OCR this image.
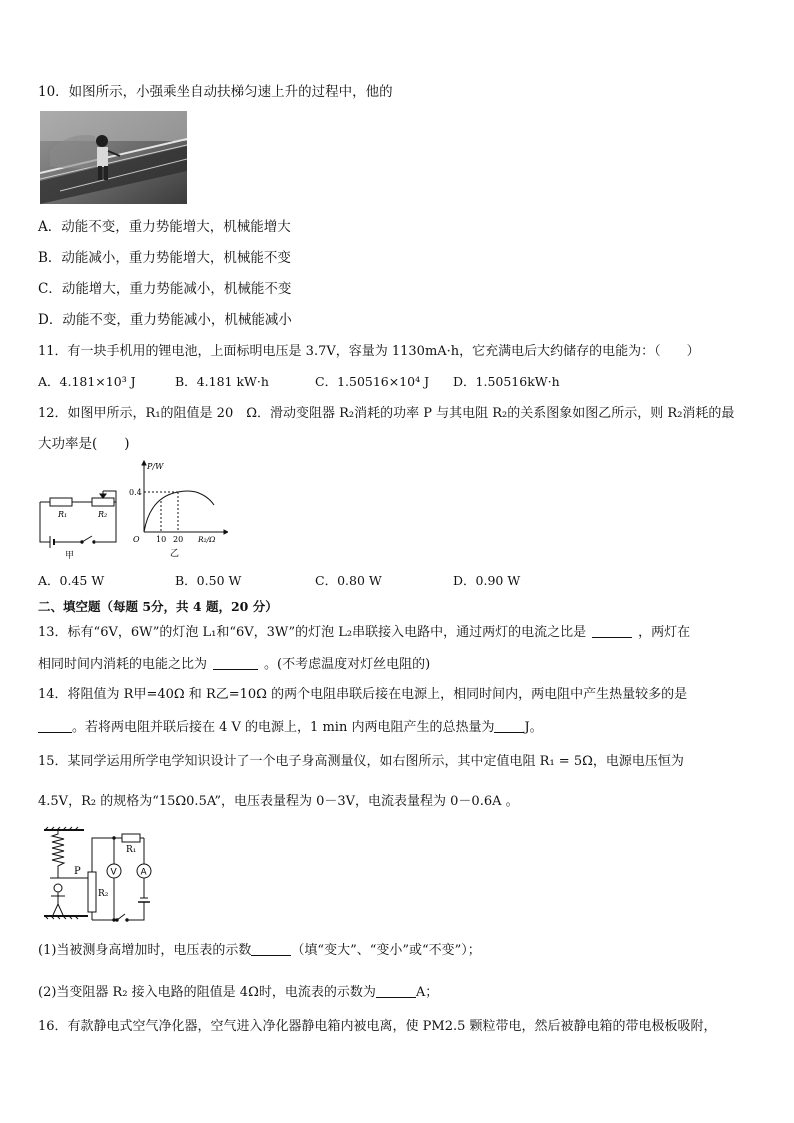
10．如图所示，小强乘坐自动扶梯匀速上升的过程中，他的
A．动能不变，重力势能增大，机械能增大
B．动能减小，重力势能增大，机械能不变
C．动能增大，重力势能减小，机械能不变
D．动能不变，重力势能减小，机械能减小
11．有一块手机用的锂电池，上面标明电压是 3.7V，容量为 1130mA·h，它充满电后大约储存的电能为：（　　）
A．4.181×10³ J	B．4.181 kW·h	C．1.50516×10⁴ J D．1.50516kW·h
12．如图甲所示，R₁的阻值是 20　Ω．滑动变阻器 R₂消耗的功率 P 与其电阻 R₂的关系图象如图乙所示，则 R₂消耗的最
大功率是(　　)
R₁	R₂
甲
P/W
0.4
O 10 20 R₂/Ω
乙
A．0.45 W	B．0.50 W	C．0.80 W	D．0.90 W
二、填空题（每题 5分，共 4 题，20 分）
13．标有“6V，6W”的灯泡 L₁和“6V，3W”的灯泡 L₂串联接入电路中，通过两灯的电流之比是	，两灯在
相同时间内消耗的电能之比为	。(不考虑温度对灯丝电阻的)
14．将阻值为 R甲=40Ω 和 R乙=10Ω 的两个电阻串联后接在电源上，相同时间内，两电阻中产生热量较多的是
。若将两电阻并联后接在 4 V 的电源上，1 min 内两电阻产生的总热量为 J。
15．某同学运用所学电学知识设计了一个电子身高测量仪，如右图所示，其中定值电阻 R₁ = 5Ω，电源电压恒为
4.5V，R₂ 的规格为“15Ω0.5A”，电压表量程为 0－3V，电流表量程为 0－0.6A 。
P
R₂
R₁
V	A
(1)当被测身高增加时，电压表的示数	（填“变大”、“变小”或“不变”）；
(2)当变阻器 R₂ 接入电路的阻值是 4Ω时，电流表的示数为	A；
16．有款静电式空气净化器，空气进入净化器静电箱内被电离，使 PM2.5 颗粒带电，然后被静电箱的带电极板吸附，
